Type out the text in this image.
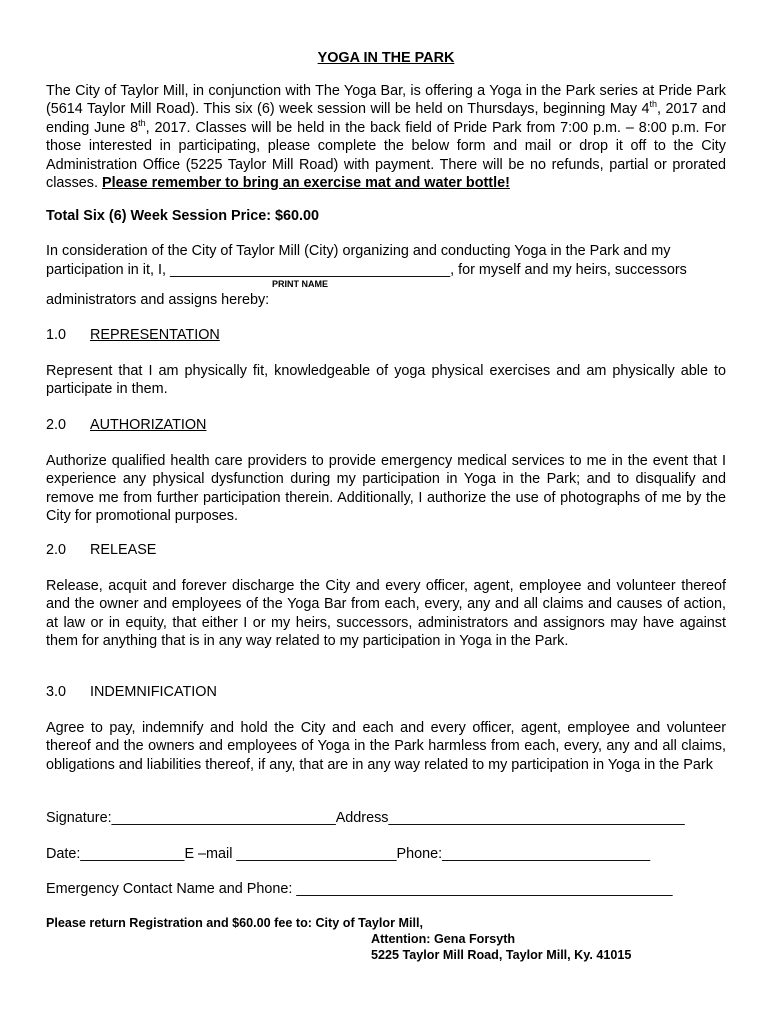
YOGA IN THE PARK
The City of Taylor Mill, in conjunction with The Yoga Bar, is offering a Yoga in the Park series at Pride Park (5614 Taylor Mill Road). This six (6) week session will be held on Thursdays, beginning May 4th, 2017 and ending June 8th, 2017. Classes will be held in the back field of Pride Park from 7:00 p.m. – 8:00 p.m. For those interested in participating, please complete the below form and mail or drop it off to the City Administration Office (5225 Taylor Mill Road) with payment. There will be no refunds, partial or prorated classes. Please remember to bring an exercise mat and water bottle!
Total Six (6) Week Session Price: $60.00
In consideration of the City of Taylor Mill (City) organizing and conducting Yoga in the Park and my
participation in it, I, ___________________________________, for myself and my heirs, successors
PRINT NAME
administrators and assigns hereby:
1.0 REPRESENTATION
Represent that I am physically fit, knowledgeable of yoga physical exercises and am physically able to participate in them.
2.0 AUTHORIZATION
Authorize qualified health care providers to provide emergency medical services to me in the event that I experience any physical dysfunction during my participation in Yoga in the Park; and to disqualify and remove me from further participation therein. Additionally, I authorize the use of photographs of me by the City for promotional purposes.
2.0 RELEASE
Release, acquit and forever discharge the City and every officer, agent, employee and volunteer thereof and the owner and employees of the Yoga Bar from each, every, any and all claims and causes of action, at law or in equity, that either I or my heirs, successors, administrators and assignors may have against them for anything that is in any way related to my participation in Yoga in the Park.
3.0 INDEMNIFICATION
Agree to pay, indemnify and hold the City and each and every officer, agent, employee and volunteer thereof and the owners and employees of Yoga in the Park harmless from each, every, any and all claims, obligations and liabilities thereof, if any, that are in any way related to my participation in Yoga in the Park
Signature:____________________________Address_____________________________________
Date:_____________E –mail ____________________Phone:__________________________
Emergency Contact Name and Phone: _______________________________________________
Please return Registration and $60.00 fee to: City of Taylor Mill,
Attention: Gena Forsyth
5225 Taylor Mill Road, Taylor Mill, Ky. 41015
